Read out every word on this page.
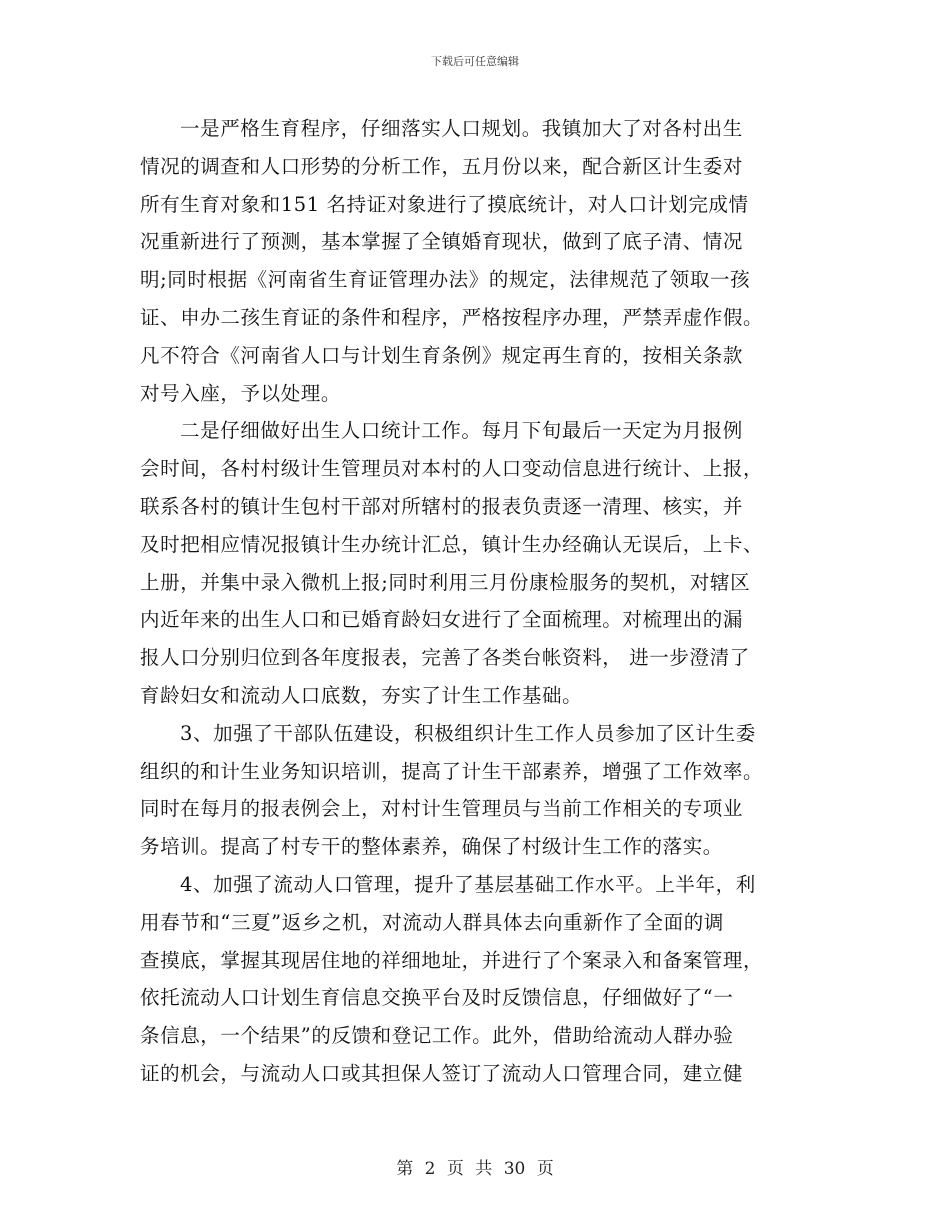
下载后可任意编辑
一是严格生育程序，仔细落实人口规划。我镇加大了对各村出生
情况的调查和人口形势的分析工作，五月份以来，配合新区计生委对
所有生育对象和151 名持证对象进行了摸底统计，对人口计划完成情
况重新进行了预测，基本掌握了全镇婚育现状，做到了底子清、情况
明;同时根据《河南省生育证管理办法》的规定，法律规范了领取一孩
证、申办二孩生育证的条件和程序，严格按程序办理，严禁弄虚作假。
凡不符合《河南省人口与计划生育条例》规定再生育的，按相关条款
对号入座，予以处理。
二是仔细做好出生人口统计工作。每月下旬最后一天定为月报例
会时间，各村村级计生管理员对本村的人口变动信息进行统计、上报，
联系各村的镇计生包村干部对所辖村的报表负责逐一清理、核实，并
及时把相应情况报镇计生办统计汇总，镇计生办经确认无误后，上卡、
上册，并集中录入微机上报;同时利用三月份康检服务的契机，对辖区
内近年来的出生人口和已婚育龄妇女进行了全面梳理。对梳理出的漏
报人口分别归位到各年度报表，完善了各类台帐资料， 进一步澄清了
育龄妇女和流动人口底数，夯实了计生工作基础。
3、加强了干部队伍建设，积极组织计生工作人员参加了区计生委
组织的和计生业务知识培训，提高了计生干部素养，增强了工作效率。
同时在每月的报表例会上，对村计生管理员与当前工作相关的专项业
务培训。提高了村专干的整体素养，确保了村级计生工作的落实。
4、加强了流动人口管理，提升了基层基础工作水平。上半年，利
用春节和“三夏”返乡之机，对流动人群具体去向重新作了全面的调
查摸底，掌握其现居住地的祥细地址，并进行了个案录入和备案管理，
依托流动人口计划生育信息交换平台及时反馈信息，仔细做好了“一
条信息，一个结果”的反馈和登记工作。此外，借助给流动人群办验
证的机会，与流动人口或其担保人签订了流动人口管理合同，建立健
第 2 页 共 30 页
